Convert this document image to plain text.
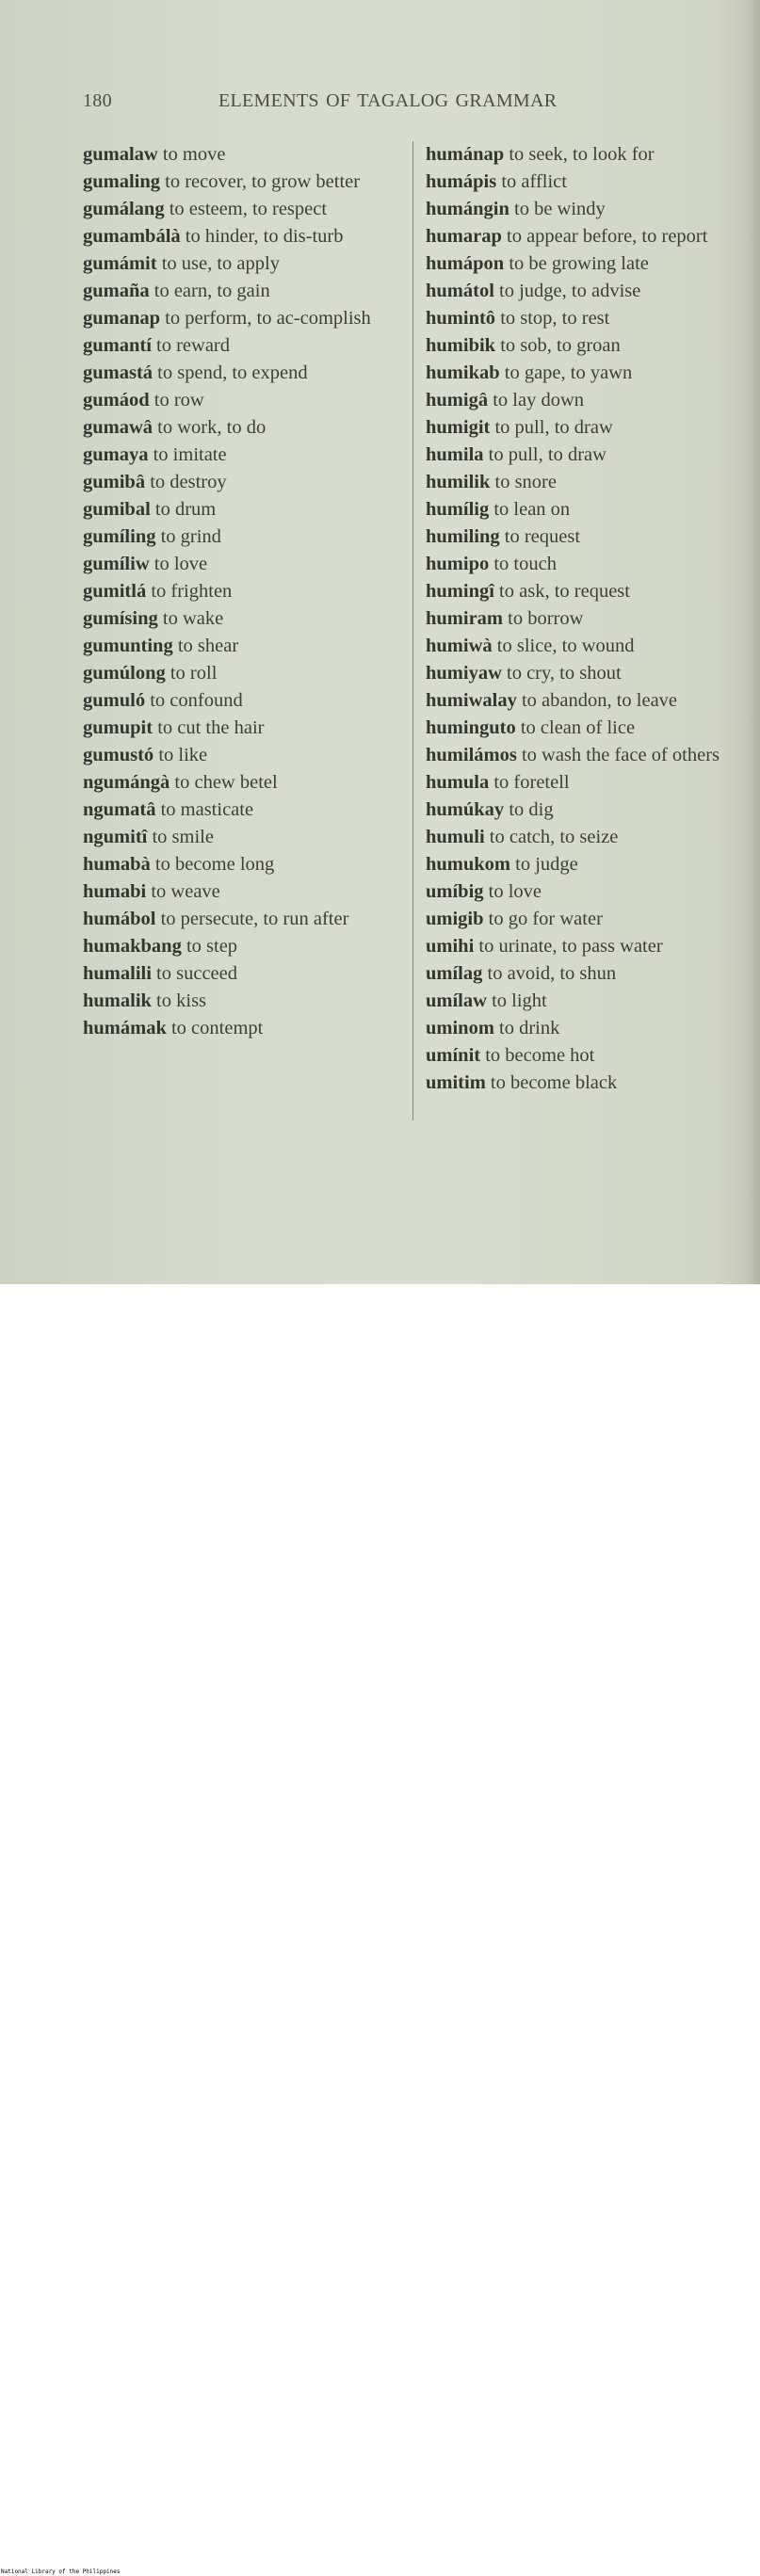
180	ELEMENTS OF TAGALOG GRAMMAR
gumalaw to move
gumaling to recover, to grow better
gumálang to esteem, to respect
gumambálà to hinder, to dis-turb
gumámit to use, to apply
gumaña to earn, to gain
gumanap to perform, to ac-complish
gumantí to reward
gumastá to spend, to expend
gumáod to row
gumawâ to work, to do
gumaya to imitate
gumibâ to destroy
gumibal to drum
gumíling to grind
gumíliw to love
gumitlá to frighten
gumísing to wake
gumunting to shear
gumúlong to roll
gumuló to confound
gumupit to cut the hair
gumustó to like
ngumángà to chew betel
ngumatâ to masticate
ngumitî to smile
humabà to become long
humabi to weave
humábol to persecute, to run after
humakbang to step
humalili to succeed
humalik to kiss
humámak to contempt
humánap to seek, to look for
humápis to afflict
humángin to be windy
humarap to appear before, to report
humápon to be growing late
humátol to judge, to advise
humintô to stop, to rest
humibik to sob, to groan
humikab to gape, to yawn
humigâ to lay down
humigit to pull, to draw
humila to pull, to draw
humilik to snore
humílig to lean on
humiling to request
humipo to touch
humingî to ask, to request
humiram to borrow
humiwà to slice, to wound
humiyaw to cry, to shout
humiwalay to abandon, to leave
huminguto to clean of lice
humilámos to wash the face of others
humula to foretell
humúkay to dig
humuli to catch, to seize
humukom to judge
umíbig to love
umigib to go for water
umihi to urinate, to pass water
umílag to avoid, to shun
umílaw to light
uminom to drink
umínit to become hot
umitim to become black
National Library of the Philippines
